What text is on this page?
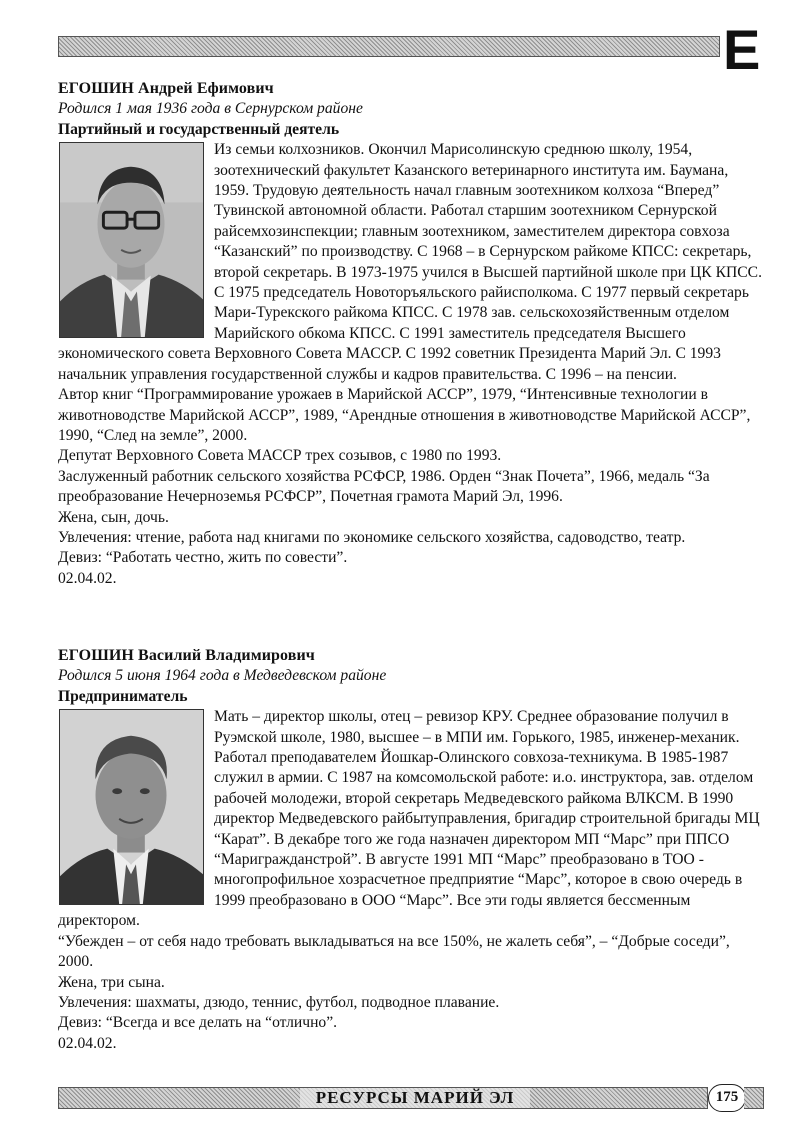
Е
ЕГОШИН Андрей Ефимович
Родился 1 мая 1936 года в Сернурском районе
Партийный и государственный деятель

Из семьи колхозников. Окончил Марисолинскую среднюю школу, 1954, зоотехнический факультет Казанского ветеринарного института им. Баумана, 1959. Трудовую деятельность начал главным зоотехником колхоза “Вперед” Тувинской автономной области. Работал старшим зоотехником Сернурской райсемхозинспекции; главным зоотехником, заместителем директора совхоза “Казанский” по производству. С 1968 – в Сернурском райкоме КПСС: секретарь, второй секретарь. В 1973-1975 учился в Высшей партийной школе при ЦК КПСС. С 1975 председатель Новоторъяльского райисполкома. С 1977 первый секретарь Мари-Турекского райкома КПСС. С 1978 зав. сельскохозяйственным отделом Марийского обкома КПСС. С 1991 заместитель председателя Высшего экономического совета Верховного Совета МАССР. С 1992 советник Президента Марий Эл. С 1993 начальник управления государственной службы и кадров правительства. С 1996 – на пенсии.

Автор книг “Программирование урожаев в Марийской АССР”, 1979, “Интенсивные технологии в животноводстве Марийской АССР”, 1989, “Арендные отношения в животноводстве Марийской АССР”, 1990, “След на земле”, 2000.

Депутат Верховного Совета МАССР трех созывов, с 1980 по 1993.

Заслуженный работник сельского хозяйства РСФСР, 1986. Орден “Знак Почета”, 1966, медаль “За преобразование Нечерноземья РСФСР”, Почетная грамота Марий Эл, 1996.

Жена, сын, дочь.

Увлечения: чтение, работа над книгами по экономике сельского хозяйства, садоводство, театр.

Девиз: “Работать честно, жить по совести”.

02.04.02.

ЕГОШИН Василий Владимирович
Родился 5 июня 1964 года в Медведевском районе
Предприниматель

Мать – директор школы, отец – ревизор КРУ. Среднее образование получил в Руэмской школе, 1980, высшее – в МПИ им. Горького, 1985, инженер-механик. Работал преподавателем Йошкар-Олинского совхоза-техникума. В 1985-1987 служил в армии. С 1987 на комсомольской работе: и.о. инструктора, зав. отделом рабочей молодежи, второй секретарь Медведевского райкома ВЛКСМ. В 1990 директор Медведевского райбытуправления, бригадир строительной бригады МЦ “Карат”. В декабре того же года назначен директором МП “Марс” при ППСО “Маригражданстрой”. В августе 1991 МП “Марс” преобразовано в ТОО - многопрофильное хозрасчетное предприятие “Марс”, которое в свою очередь в 1999 преобразовано в ООО “Марс”. Все эти годы является бессменным директором.

“Убежден – от себя надо требовать выкладываться на все 150%, не жалеть себя”, – “Добрые соседи”, 2000.

Жена, три сына.

Увлечения: шахматы, дзюдо, теннис, футбол, подводное плавание.

Девиз: “Всегда и все делать на “отлично”.

02.04.02.

РЕСУРСЫ МАРИЙ ЭЛ	175
